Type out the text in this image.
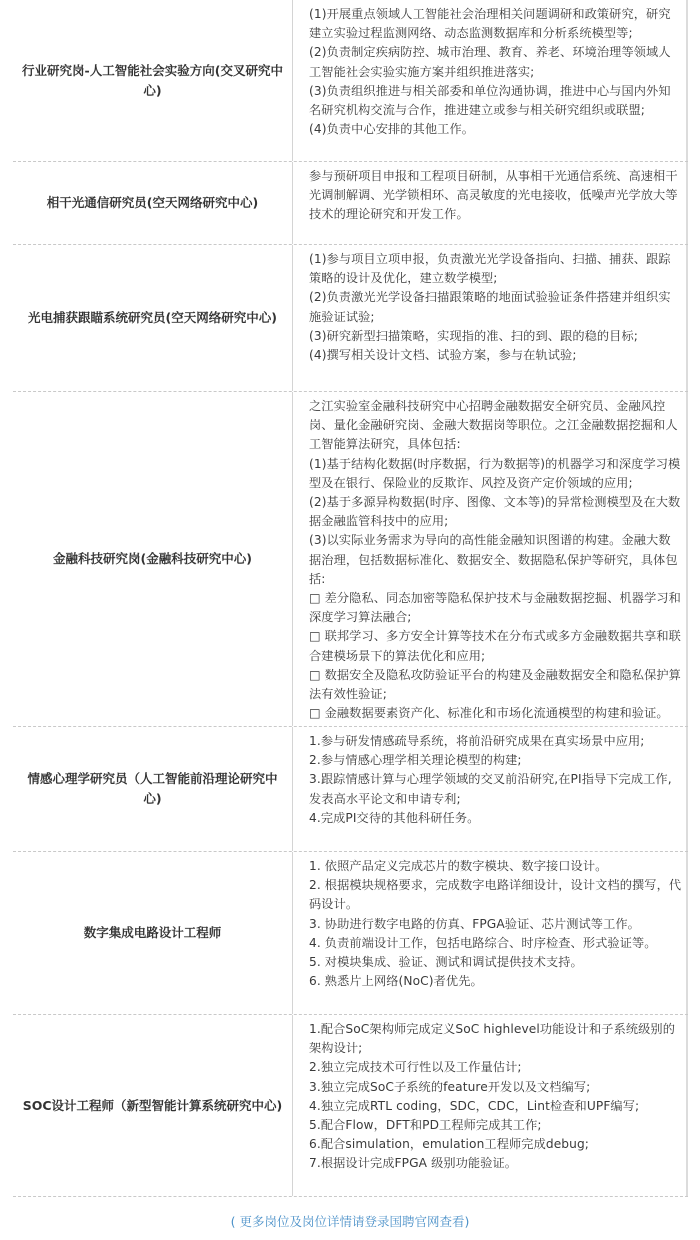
行业研究岗-人工智能社会实验方向(交叉研究中心)
(1)开展重点领域人工智能社会治理相关问题调研和政策研究，研究建立实验过程监测网络、动态监测数据库和分析系统模型等;
(2)负责制定疾病防控、城市治理、教育、养老、环境治理等领域人工智能社会实验实施方案并组织推进落实;
(3)负责组织推进与相关部委和单位沟通协调，推进中心与国内外知名研究机构交流与合作，推进建立或参与相关研究组织或联盟;
(4)负责中心安排的其他工作。
相干光通信研究员(空天网络研究中心)
参与预研项目申报和工程项目研制，从事相干光通信系统、高速相干光调制解调、光学锁相环、高灵敏度的光电接收，低噪声光学放大等技术的理论研究和开发工作。
光电捕获跟瞄系统研究员(空天网络研究中心)
(1)参与项目立项申报，负责激光光学设备指向、扫描、捕获、跟踪策略的设计及优化，建立数学模型;
(2)负责激光光学设备扫描跟策略的地面试验验证条件搭建并组织实施验证试验;
(3)研究新型扫描策略，实现指的准、扫的到、跟的稳的目标;
(4)撰写相关设计文档、试验方案，参与在轨试验;
金融科技研究岗(金融科技研究中心)
之江实验室金融科技研究中心招聘金融数据安全研究员、金融风控岗、量化金融研究岗、金融大数据岗等职位。之江金融数据挖掘和人工智能算法研究，具体包括:
(1)基于结构化数据(时序数据，行为数据等)的机器学习和深度学习模型及在银行、保险业的反欺诈、风控及资产定价领域的应用;
(2)基于多源异构数据(时序、图像、文本等)的异常检测模型及在大数据金融监管科技中的应用;
(3)以实际业务需求为导向的高性能金融知识图谱的构建。金融大数据治理，包括数据标准化、数据安全、数据隐私保护等研究，具体包括:
□ 差分隐私、同态加密等隐私保护技术与金融数据挖掘、机器学习和深度学习算法融合;
□ 联邦学习、多方安全计算等技术在分布式或多方金融数据共享和联合建模场景下的算法优化和应用;
□ 数据安全及隐私攻防验证平台的构建及金融数据安全和隐私保护算法有效性验证;
□ 金融数据要素资产化、标准化和市场化流通模型的构建和验证。
情感心理学研究员（人工智能前沿理论研究中心)
1.参与研发情感疏导系统，将前沿研究成果在真实场景中应用;
2.参与情感心理学相关理论模型的构建;
3.跟踪情感计算与心理学领域的交叉前沿研究,在PI指导下完成工作,发表高水平论文和申请专利;
4.完成PI交待的其他科研任务。
数字集成电路设计工程师
1. 依照产品定义完成芯片的数字模块、数字接口设计。
2. 根据模块规格要求，完成数字电路详细设计，设计文档的撰写，代码设计。
3. 协助进行数字电路的仿真、FPGA验证、芯片测试等工作。
4. 负责前端设计工作，包括电路综合、时序检查、形式验证等。
5. 对模块集成、验证、测试和调试提供技术支持。
6. 熟悉片上网络(NoC)者优先。
SOC设计工程师（新型智能计算系统研究中心)
1.配合SoC架构师完成定义SoC highlevel功能设计和子系统级别的架构设计;
2.独立完成技术可行性以及工作量估计;
3.独立完成SoC子系统的feature开发以及文档编写;
4.独立完成RTL coding，SDC，CDC，Lint检查和UPF编写;
5.配合Flow，DFT和PD工程师完成其工作;
6.配合simulation，emulation工程师完成debug;
7.根据设计完成FPGA 级别功能验证。
( 更多岗位及岗位详情请登录国聘官网查看)
